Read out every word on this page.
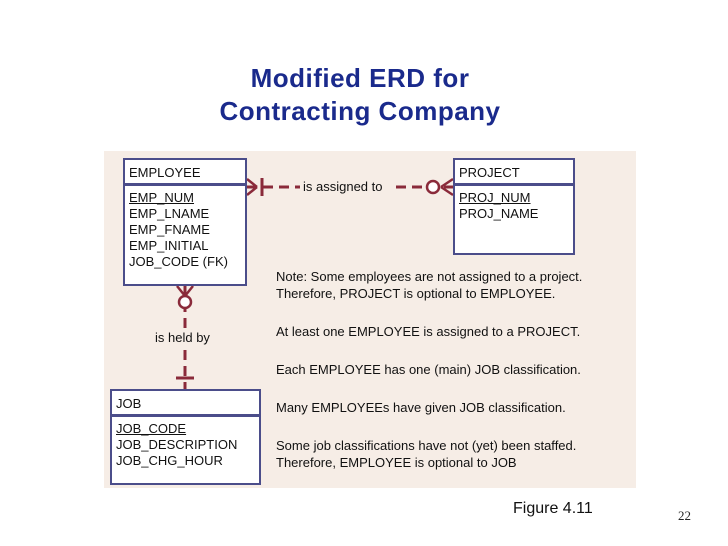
Modified ERD for
Contracting Company
is assigned to
is held by
EMPLOYEE
EMP_NUM
EMP_LNAME
EMP_FNAME
EMP_INITIAL
JOB_CODE (FK)
PROJECT
PROJ_NUM
PROJ_NAME
JOB
JOB_CODE
JOB_DESCRIPTION
JOB_CHG_HOUR
Note: Some employees are not assigned to a project.
Therefore, PROJECT is optional to EMPLOYEE.
At least one EMPLOYEE is assigned to a PROJECT.
Each EMPLOYEE has one (main) JOB classification.
Many EMPLOYEEs have given JOB classification.
Some job classifications have not (yet) been staffed.
Therefore, EMPLOYEE is optional to JOB
Figure 4.11	22
